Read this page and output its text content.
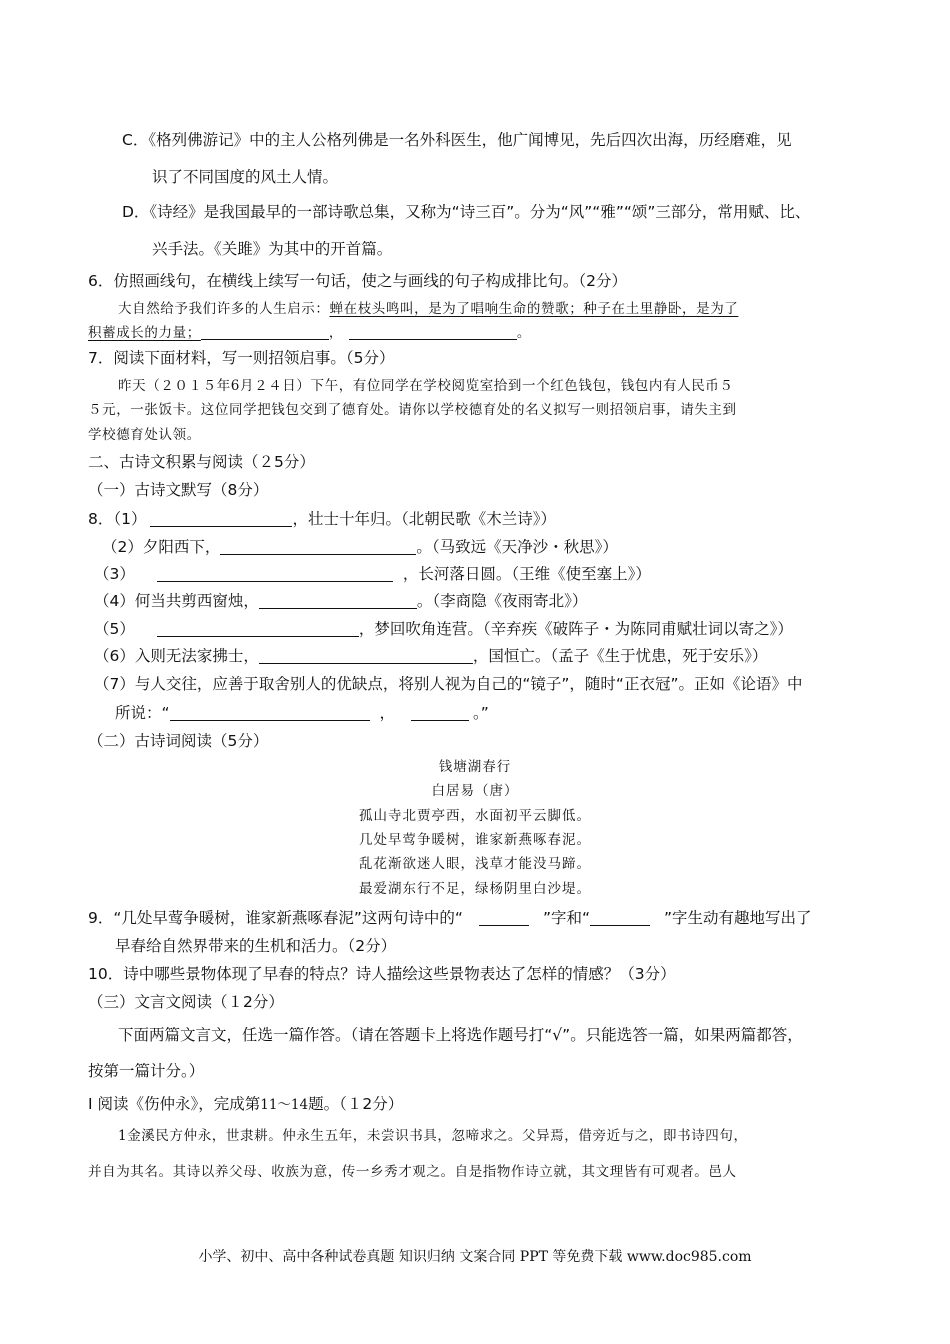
C．《格列佛游记》中的主人公格列佛是一名外科医生，他广闻博见，先后四次出海，历经磨难，见
识了不同国度的风土人情。
D．《诗经》是我国最早的一部诗歌总集，又称为“诗三百”。分为“风”“雅”“颂”三部分，常用赋、比、
兴手法。《关雎》为其中的开首篇。
6．仿照画线句，在横线上续写一句话，使之与画线的句子构成排比句。（2分）
大自然给予我们许多的人生启示：蝉在枝头鸣叫，是为了唱响生命的赞歌；种子在土里静卧，是为了
积蓄成长的力量；	，	。
7．阅读下面材料，写一则招领启事。（5分）
昨天（２０１５年6月２４日）下午，有位同学在学校阅览室拾到一个红色钱包，钱包内有人民币５
５元，一张饭卡。这位同学把钱包交到了德育处。请你以学校德育处的名义拟写一则招领启事，请失主到
学校德育处认领。
二、古诗文积累与阅读（２5分）
（一）古诗文默写（8分）
8．（1）	，壮士十年归。（北朝民歌《木兰诗》）
（2）夕阳西下，	。（马致远《天净沙・秋思》）
（3）	，长河落日圆。（王维《使至塞上》）
（4）何当共剪西窗烛，	。（李商隐《夜雨寄北》）
（5）	，梦回吹角连营。（辛弃疾《破阵子・为陈同甫赋壮词以寄之》）
（6）入则无法家拂士，	，国恒亡。（孟子《生于忧患，死于安乐》）
（7）与人交往，应善于取舍别人的优缺点，将别人视为自己的“镜子”，随时“正衣冠”。正如《论语》中
所说：“	，	。”
（二）古诗词阅读（5分）
钱塘湖春行
白居易（唐）
孤山寺北贾亭西，水面初平云脚低。
几处早莺争暖树，谁家新燕啄春泥。
乱花渐欲迷人眼，浅草才能没马蹄。
最爱湖东行不足，绿杨阴里白沙堤。
9．“几处早莺争暖树，谁家新燕啄春泥”这两句诗中的“	”字和“	”字生动有趣地写出了
早春给自然界带来的生机和活力。（2分）
10．诗中哪些景物体现了早春的特点？诗人描绘这些景物表达了怎样的情感？（3分）
（三）文言文阅读（１2分）
下面两篇文言文，任选一篇作答。（请在答题卡上将选作题号打“√”。只能选答一篇，如果两篇都答，
按第一篇计分。）
Ⅰ 阅读《伤仲永》，完成第11～14题。（１2分）
1金溪民方仲永，世隶耕。仲永生五年，未尝识书具，忽啼求之。父异焉，借旁近与之，即书诗四句，
并自为其名。其诗以养父母、收族为意，传一乡秀才观之。自是指物作诗立就，其文理皆有可观者。邑人
小学、初中、高中各种试卷真题 知识归纳 文案合同 PPT 等免费下载 www.doc985.com
